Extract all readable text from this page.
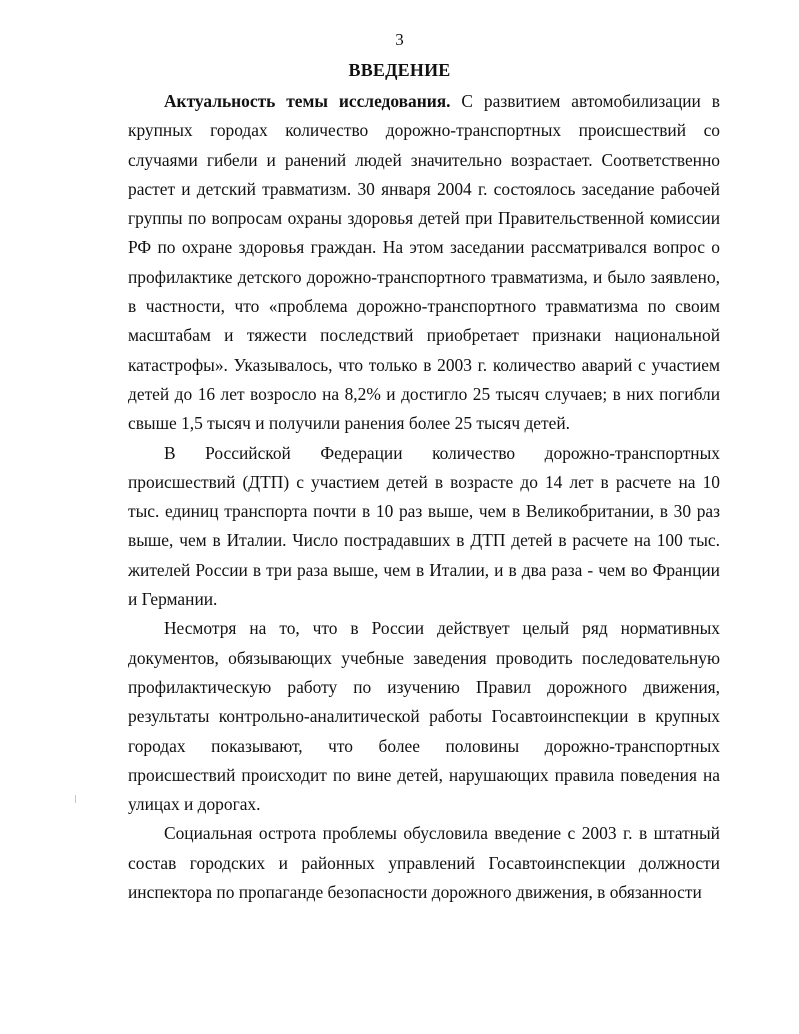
3
ВВЕДЕНИЕ

Актуальность темы исследования. С развитием автомобилизации в крупных городах количество дорожно-транспортных происшествий со случаями гибели и ранений людей значительно возрастает. Соответственно растет и детский травматизм. 30 января 2004 г. состоялось заседание рабочей группы по вопросам охраны здоровья детей при Правительственной комиссии РФ по охране здоровья граждан. На этом заседании рассматривался вопрос о профилактике детского дорожно-транспортного травматизма, и было заявлено, в частности, что «проблема дорожно-транспортного травматизма по своим масштабам и тяжести последствий приобретает признаки национальной катастрофы». Указывалось, что только в 2003 г. количество аварий с участием детей до 16 лет возросло на 8,2% и достигло 25 тысяч случаев; в них погибли свыше 1,5 тысяч и получили ранения более 25 тысяч детей.

В Российской Федерации количество дорожно-транспортных происшествий (ДТП) с участием детей в возрасте до 14 лет в расчете на 10 тыс. единиц транспорта почти в 10 раз выше, чем в Великобритании, в 30 раз выше, чем в Италии. Число пострадавших в ДТП детей в расчете на 100 тыс. жителей России в три раза выше, чем в Италии, и в два раза - чем во Франции и Германии.

Несмотря на то, что в России действует целый ряд нормативных документов, обязывающих учебные заведения проводить последовательную профилактическую работу по изучению Правил дорожного движения, результаты контрольно-аналитической работы Госавтоинспекции в крупных городах показывают, что более половины дорожно-транспортных происшествий происходит по вине детей, нарушающих правила поведения на улицах и дорогах.

Социальная острота проблемы обусловила введение с 2003 г. в штатный состав городских и районных управлений Госавтоинспекции должности инспектора по пропаганде безопасности дорожного движения, в обязанности
